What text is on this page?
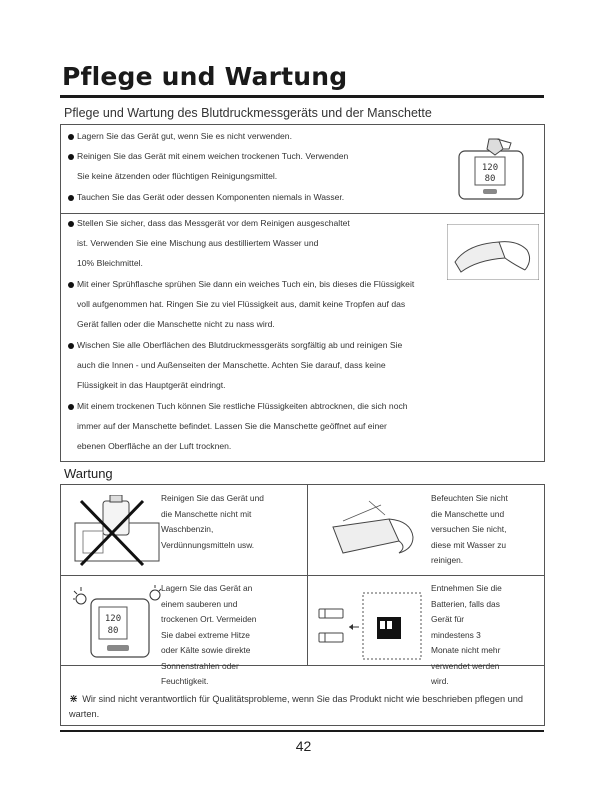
Pflege und Wartung
Pflege und Wartung des Blutdruckmessgeräts und der Manschette
Lagern Sie das Gerät gut, wenn Sie es nicht verwenden.
Reinigen Sie das Gerät mit einem weichen trockenen Tuch. Verwenden
Sie keine ätzenden oder flüchtigen Reinigungsmittel.
Tauchen Sie das Gerät oder dessen Komponenten niemals in Wasser.
120
80
Stellen Sie sicher, dass das Messgerät vor dem Reinigen ausgeschaltet
ist. Verwenden Sie eine Mischung aus destilliertem Wasser und
10% Bleichmittel.
Mit einer Sprühflasche sprühen Sie dann ein weiches Tuch ein, bis dieses die Flüssigkeit
voll aufgenommen hat. Ringen Sie zu viel Flüssigkeit aus, damit keine Tropfen auf das
Gerät fallen oder die Manschette nicht zu nass wird.
Wischen Sie alle Oberflächen des Blutdruckmessgeräts sorgfältig ab und reinigen Sie
auch die Innen - und Außenseiten der Manschette. Achten Sie darauf, dass keine
Flüssigkeit in das Hauptgerät eindringt.
Mit einem trockenen Tuch können Sie restliche Flüssigkeiten abtrocknen, die sich noch
immer auf der Manschette befindet. Lassen Sie die Manschette geöffnet auf einer
ebenen Oberfläche an der Luft trocknen.
Wartung
Reinigen Sie das Gerät und
die Manschette nicht mit
Waschbenzin,
Verdünnungsmitteln usw.
Befeuchten Sie nicht
die Manschette und
versuchen Sie nicht,
diese mit Wasser zu
reinigen.
120
80
Lagern Sie das Gerät an
einem sauberen und
trockenen Ort. Vermeiden
Sie dabei extreme Hitze
oder Kälte sowie direkte
Sonnenstrahlen oder
Feuchtigkeit.
Entnehmen Sie die
Batterien, falls das
Gerät für
mindestens 3
Monate nicht mehr
verwendet werden
wird.
⋇ Wir sind nicht verantwortlich für Qualitätsprobleme, wenn Sie das Produkt nicht wie beschrieben pflegen und warten.
42
